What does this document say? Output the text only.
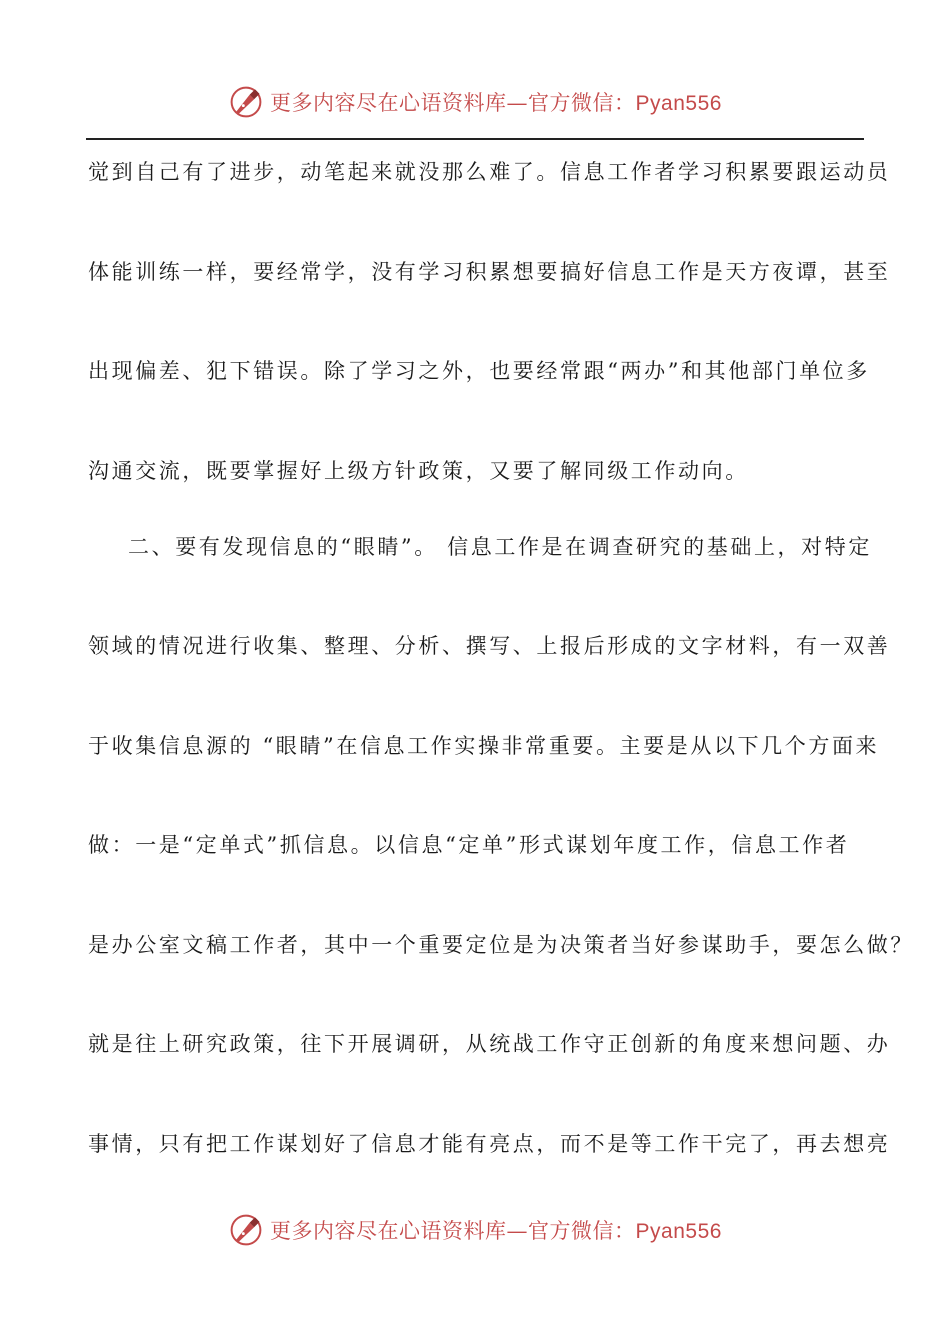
更多内容尽在心语资料库—官方微信：Pyan556
觉到自己有了进步，动笔起来就没那么难了。信息工作者学习积累要跟运动员
体能训练一样，要经常学，没有学习积累想要搞好信息工作是天方夜谭，甚至
出现偏差、犯下错误。除了学习之外，也要经常跟“两办”和其他部门单位多
沟通交流，既要掌握好上级方针政策，又要了解同级工作动向。
二、要有发现信息的“眼睛”。 信息工作是在调查研究的基础上，对特定
领域的情况进行收集、整理、分析、撰写、上报后形成的文字材料，有一双善
于收集信息源的 “眼睛”在信息工作实操非常重要。主要是从以下几个方面来
做：一是“定单式”抓信息。以信息“定单”形式谋划年度工作，信息工作者
是办公室文稿工作者，其中一个重要定位是为决策者当好参谋助手，要怎么做？
就是往上研究政策，往下开展调研，从统战工作守正创新的角度来想问题、办
事情，只有把工作谋划好了信息才能有亮点，而不是等工作干完了，再去想亮
更多内容尽在心语资料库—官方微信：Pyan556
